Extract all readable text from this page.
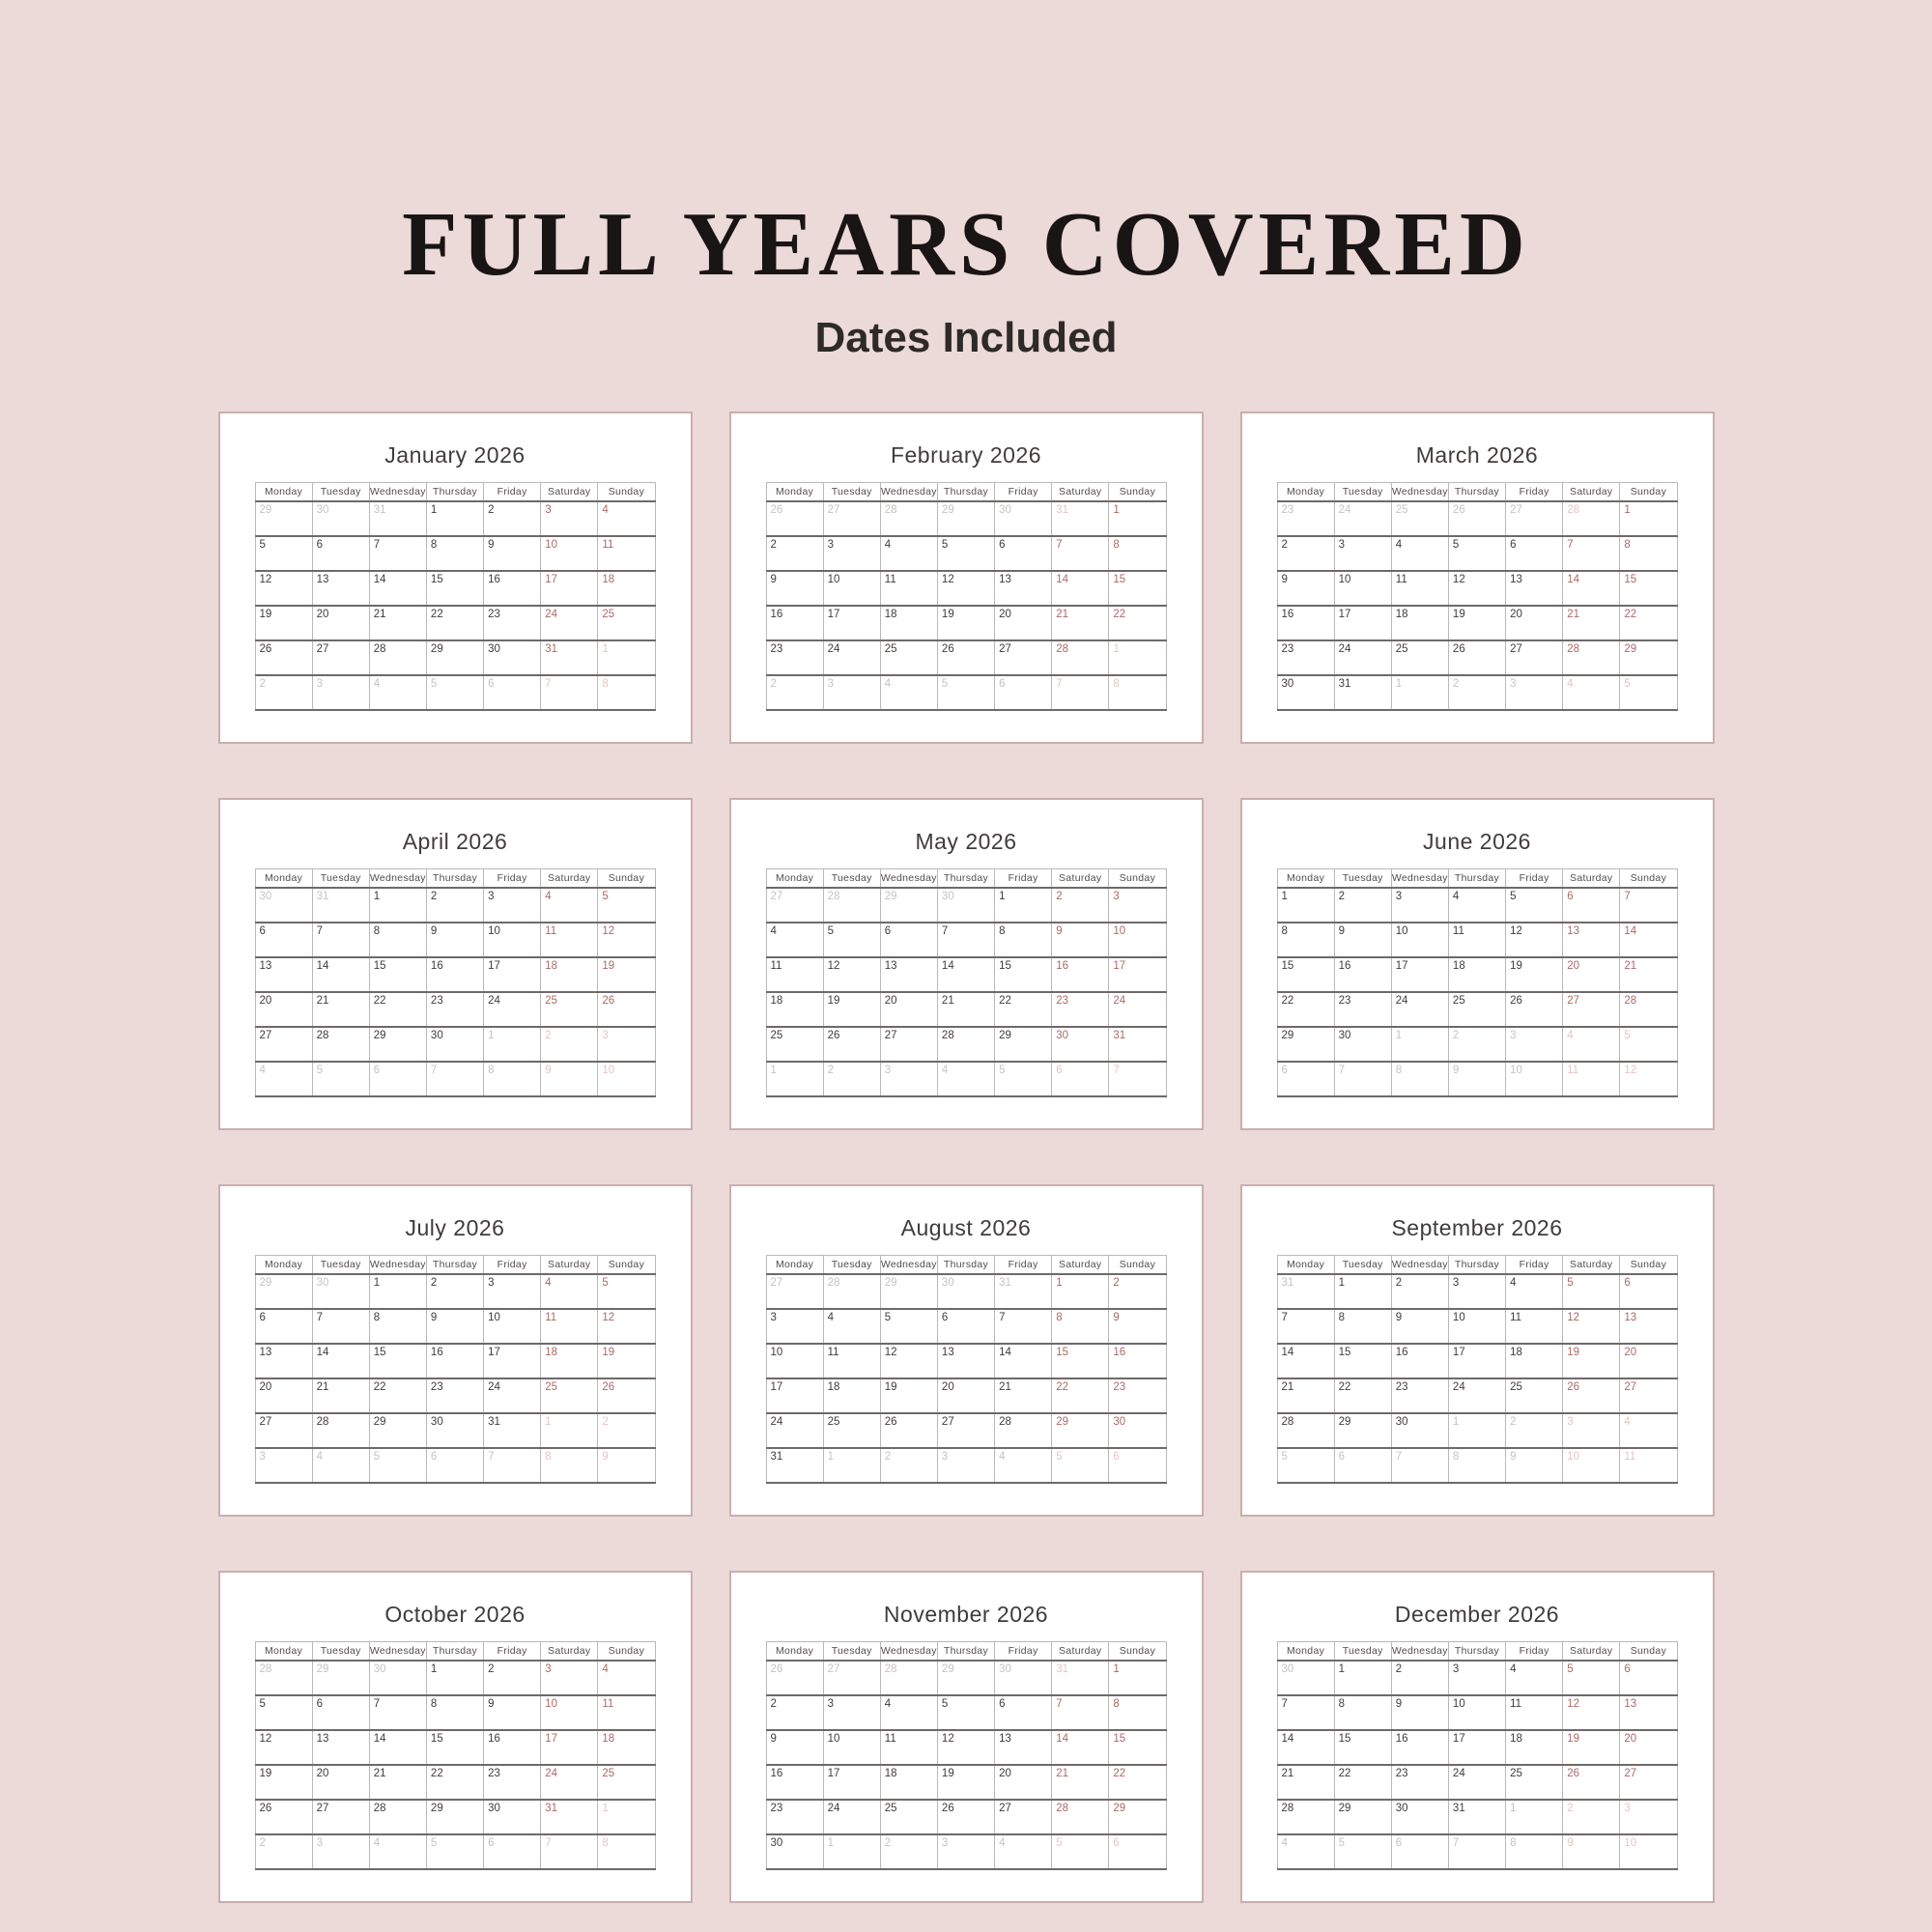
FULL YEARS COVERED
Dates Included
January 2026
Monday	Tuesday	Wednesday	Thursday	Friday	Saturday	Sunday
29	30	31	1	2	3	4
5	6	7	8	9	10	11
12	13	14	15	16	17	18
19	20	21	22	23	24	25
26	27	28	29	30	31	1
2	3	4	5	6	7	8
February 2026
Monday	Tuesday	Wednesday	Thursday	Friday	Saturday	Sunday
26	27	28	29	30	31	1
2	3	4	5	6	7	8
9	10	11	12	13	14	15
16	17	18	19	20	21	22
23	24	25	26	27	28	1
2	3	4	5	6	7	8
March 2026
Monday	Tuesday	Wednesday	Thursday	Friday	Saturday	Sunday
23	24	25	26	27	28	1
2	3	4	5	6	7	8
9	10	11	12	13	14	15
16	17	18	19	20	21	22
23	24	25	26	27	28	29
30	31	1	2	3	4	5
April 2026
Monday	Tuesday	Wednesday	Thursday	Friday	Saturday	Sunday
30	31	1	2	3	4	5
6	7	8	9	10	11	12
13	14	15	16	17	18	19
20	21	22	23	24	25	26
27	28	29	30	1	2	3
4	5	6	7	8	9	10
May 2026
Monday	Tuesday	Wednesday	Thursday	Friday	Saturday	Sunday
27	28	29	30	1	2	3
4	5	6	7	8	9	10
11	12	13	14	15	16	17
18	19	20	21	22	23	24
25	26	27	28	29	30	31
1	2	3	4	5	6	7
June 2026
Monday	Tuesday	Wednesday	Thursday	Friday	Saturday	Sunday
1	2	3	4	5	6	7
8	9	10	11	12	13	14
15	16	17	18	19	20	21
22	23	24	25	26	27	28
29	30	1	2	3	4	5
6	7	8	9	10	11	12
July 2026
Monday	Tuesday	Wednesday	Thursday	Friday	Saturday	Sunday
29	30	1	2	3	4	5
6	7	8	9	10	11	12
13	14	15	16	17	18	19
20	21	22	23	24	25	26
27	28	29	30	31	1	2
3	4	5	6	7	8	9
August 2026
Monday	Tuesday	Wednesday	Thursday	Friday	Saturday	Sunday
27	28	29	30	31	1	2
3	4	5	6	7	8	9
10	11	12	13	14	15	16
17	18	19	20	21	22	23
24	25	26	27	28	29	30
31	1	2	3	4	5	6
September 2026
Monday	Tuesday	Wednesday	Thursday	Friday	Saturday	Sunday
31	1	2	3	4	5	6
7	8	9	10	11	12	13
14	15	16	17	18	19	20
21	22	23	24	25	26	27
28	29	30	1	2	3	4
5	6	7	8	9	10	11
October 2026
Monday	Tuesday	Wednesday	Thursday	Friday	Saturday	Sunday
28	29	30	1	2	3	4
5	6	7	8	9	10	11
12	13	14	15	16	17	18
19	20	21	22	23	24	25
26	27	28	29	30	31	1
2	3	4	5	6	7	8
November 2026
Monday	Tuesday	Wednesday	Thursday	Friday	Saturday	Sunday
26	27	28	29	30	31	1
2	3	4	5	6	7	8
9	10	11	12	13	14	15
16	17	18	19	20	21	22
23	24	25	26	27	28	29
30	1	2	3	4	5	6
December 2026
Monday	Tuesday	Wednesday	Thursday	Friday	Saturday	Sunday
30	1	2	3	4	5	6
7	8	9	10	11	12	13
14	15	16	17	18	19	20
21	22	23	24	25	26	27
28	29	30	31	1	2	3
4	5	6	7	8	9	10
